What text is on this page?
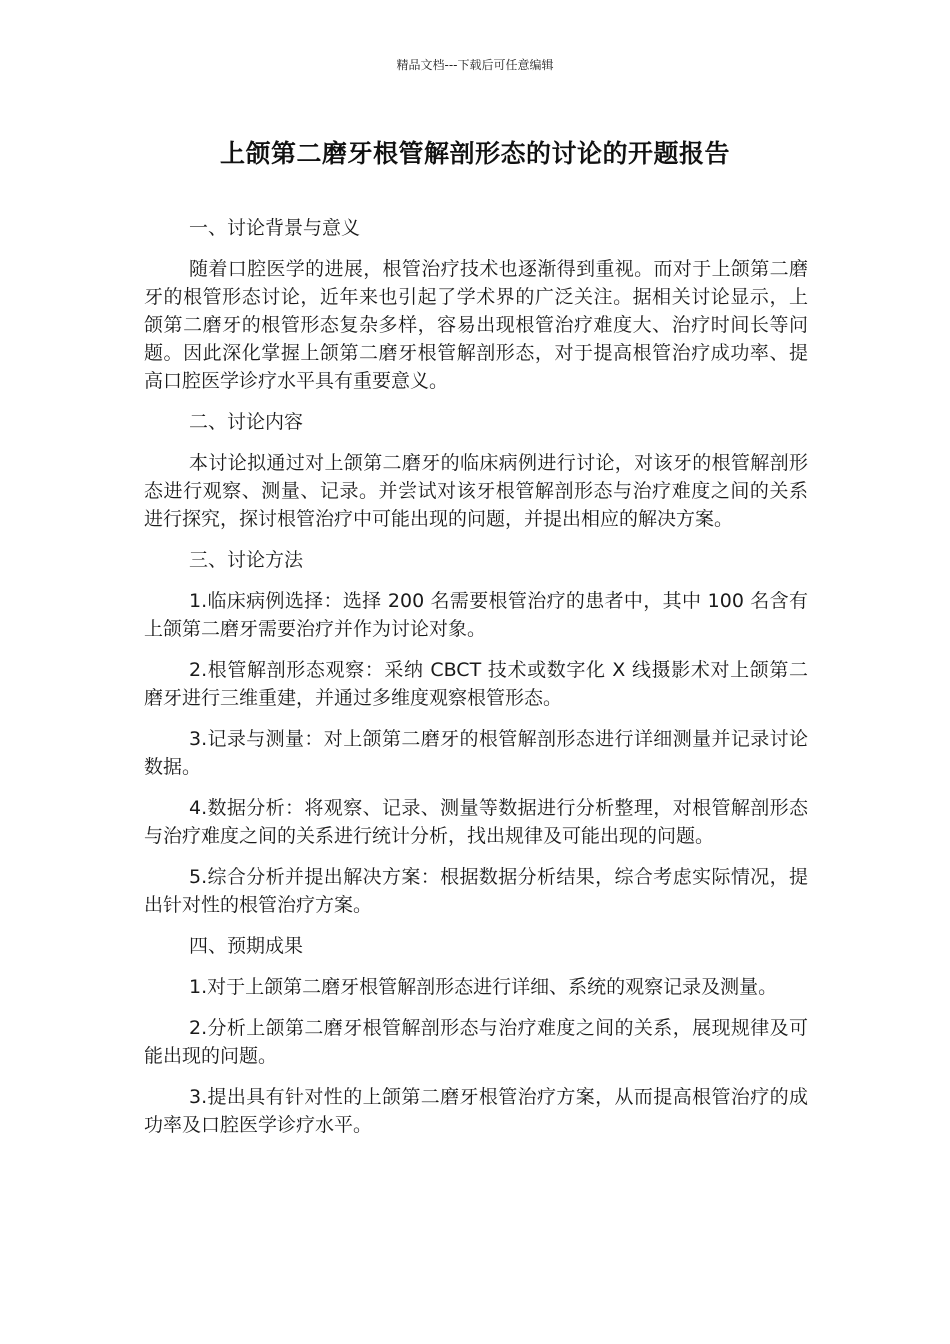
精品文档---下载后可任意编辑
上颌第二磨牙根管解剖形态的讨论的开题报告

一、讨论背景与意义

随着口腔医学的进展，根管治疗技术也逐渐得到重视。而对于上颌第二磨牙的根管形态讨论，近年来也引起了学术界的广泛关注。据相关讨论显示，上颌第二磨牙的根管形态复杂多样，容易出现根管治疗难度大、治疗时间长等问题。因此深化掌握上颌第二磨牙根管解剖形态，对于提高根管治疗成功率、提高口腔医学诊疗水平具有重要意义。

二、讨论内容

本讨论拟通过对上颌第二磨牙的临床病例进行讨论，对该牙的根管解剖形态进行观察、测量、记录。并尝试对该牙根管解剖形态与治疗难度之间的关系进行探究，探讨根管治疗中可能出现的问题，并提出相应的解决方案。

三、讨论方法

1.临床病例选择：选择 200 名需要根管治疗的患者中，其中 100 名含有上颌第二磨牙需要治疗并作为讨论对象。

2.根管解剖形态观察：采纳 CBCT 技术或数字化 X 线摄影术对上颌第二磨牙进行三维重建，并通过多维度观察根管形态。

3.记录与测量：对上颌第二磨牙的根管解剖形态进行详细测量并记录讨论数据。

4.数据分析：将观察、记录、测量等数据进行分析整理，对根管解剖形态与治疗难度之间的关系进行统计分析，找出规律及可能出现的问题。

5.综合分析并提出解决方案：根据数据分析结果，综合考虑实际情况，提出针对性的根管治疗方案。

四、预期成果

1.对于上颌第二磨牙根管解剖形态进行详细、系统的观察记录及测量。

2.分析上颌第二磨牙根管解剖形态与治疗难度之间的关系，展现规律及可能出现的问题。

3.提出具有针对性的上颌第二磨牙根管治疗方案，从而提高根管治疗的成功率及口腔医学诊疗水平。
